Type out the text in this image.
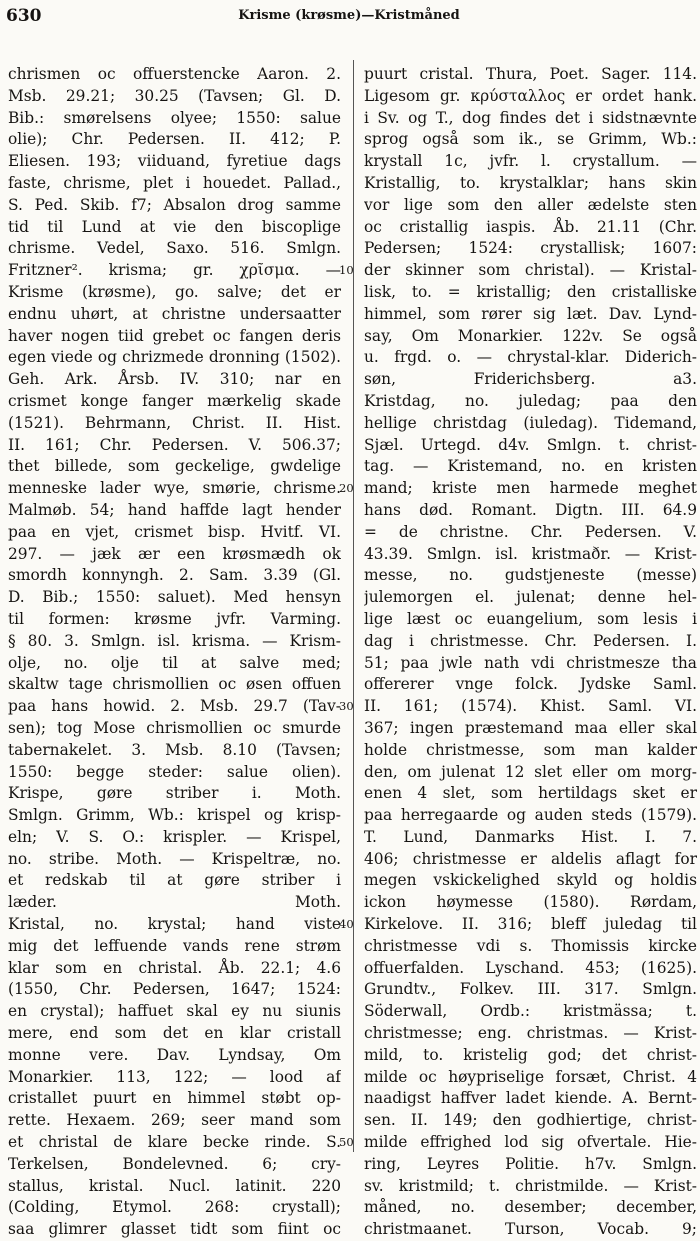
630	Krisme (krøsme)—Kristmåned
chrismen oc offuerstencke Aaron. 2.
Msb. 29.21; 30.25 (Tavsen; Gl. D.
Bib.: smørelsens olyee; 1550: salue
olie); Chr. Pedersen. II. 412; P.
Eliesen. 193; viiduand, fyretiue dags
faste, chrisme, plet i houedet. Pallad.,
S. Ped. Skib. f7; Absalon drog samme
tid til Lund at vie den biscoplige
chrisme. Vedel, Saxo. 516. Smlgn.
Fritzner². krisma; gr. χρῖσμα. —
Krisme (krøsme), go. salve; det er
endnu uhørt, at christne undersaatter
haver nogen tiid grebet oc fangen deris
egen viede og chrizmede dronning (1502).
Geh. Ark. Årsb. IV. 310; nar en
crismet konge fanger mærkelig skade
(1521). Behrmann, Christ. II. Hist.
II. 161; Chr. Pedersen. V. 506.37;
thet billede, som geckelige, gwdelige
menneske lader wye, smørie, chrisme.
Malmøb. 54; hand haffde lagt hender
paa en vjet, crismet bisp. Hvitf. VI.
297. — jæk ær een krøsmædh ok
smordh konnyngh. 2. Sam. 3.39 (Gl.
D. Bib.; 1550: saluet). Med hensyn
til formen: krøsme jvfr. Varming.
§ 80. 3. Smlgn. isl. krisma. — Krism-
olje, no. olje til at salve med;
skaltw tage chrismollien oc øsen offuen
paa hans howid. 2. Msb. 29.7 (Tav-
sen); tog Mose chrismollien oc smurde
tabernakelet. 3. Msb. 8.10 (Tavsen;
1550: begge steder: salue olien).
Krispe, gøre striber i. Moth.
Smlgn. Grimm, Wb.: krispel og krisp-
eln; V. S. O.: krispler. — Krispel,
no. stribe. Moth. — Krispeltræ, no.
et redskab til at gøre striber i
læder. Moth.
Kristal, no. krystal; hand viste
mig det leffuende vands rene strøm
klar som en christal. Åb. 22.1; 4.6
(1550, Chr. Pedersen, 1647; 1524:
en crystal); haffuet skal ey nu siunis
mere, end som det en klar cristall
monne vere. Dav. Lyndsay, Om
Monarkier. 113, 122; — lood af
cristallet puurt en himmel støbt op-
rette. Hexaem. 269; seer mand som
et christal de klare becke rinde. S.
Terkelsen, Bondelevned. 6; cry-
stallus, kristal. Nucl. latinit. 220
(Colding, Etymol. 268: crystall);
saa glimrer glasset tidt som fiint oc
10
20
30
40
50
puurt cristal. Thura, Poet. Sager. 114.
Ligesom gr. κρύσταλλος er ordet hank.
i Sv. og T., dog findes det i sidstnævnte
sprog også som ik., se Grimm, Wb.:
krystall 1c, jvfr. l. crystallum. —
Kristallig, to. krystalklar; hans skin
vor lige som den aller ædelste sten
oc cristallig iaspis. Åb. 21.11 (Chr.
Pedersen; 1524: crystallisk; 1607:
der skinner som christal). — Kristal-
lisk, to. = kristallig; den cristalliske
himmel, som rører sig læt. Dav. Lynd-
say, Om Monarkier. 122v. Se også
u. frgd. o. — chrystal-klar. Diderich-
søn, Friderichsberg. a3.
Kristdag, no. juledag; paa den
hellige christdag (iuledag). Tidemand,
Sjæl. Urtegd. d4v. Smlgn. t. christ-
tag. — Kristemand, no. en kristen
mand; kriste men harmede meghet
hans død. Romant. Digtn. III. 64.9
= de christne. Chr. Pedersen. V.
43.39. Smlgn. isl. kristmaðr. — Krist-
messe, no. gudstjeneste (messe)
julemorgen el. julenat; denne hel-
lige læst oc euangelium, som lesis i
dag i christmesse. Chr. Pedersen. I.
51; paa jwle nath vdi christmesze tha
offererer vnge folck. Jydske Saml.
II. 161; (1574). Khist. Saml. VI.
367; ingen præstemand maa eller skal
holde christmesse, som man kalder
den, om julenat 12 slet eller om morg-
enen 4 slet, som hertildags sket er
paa herregaarde og auden steds (1579).
T. Lund, Danmarks Hist. I. 7.
406; christmesse er aldelis aflagt for
megen vskickelighed skyld og holdis
ickon høymesse (1580). Rørdam,
Kirkelove. II. 316; bleff juledag til
christmesse vdi s. Thomissis kircke
offuerfalden. Lyschand. 453; (1625).
Grundtv., Folkev. III. 317. Smlgn.
Söderwall, Ordb.: kristmässa; t.
christmesse; eng. christmas. — Krist-
mild, to. kristelig god; det christ-
milde oc høypriselige forsæt, Christ. 4
naadigst haffver ladet kiende. A. Bernt-
sen. II. 149; den godhiertige, christ-
milde effrighed lod sig ofvertale. Hie-
ring, Leyres Politie. h7v. Smlgn.
sv. kristmild; t. christmilde. — Krist-
måned, no. desember; december,
christmaanet. Turson, Vocab. 9;
